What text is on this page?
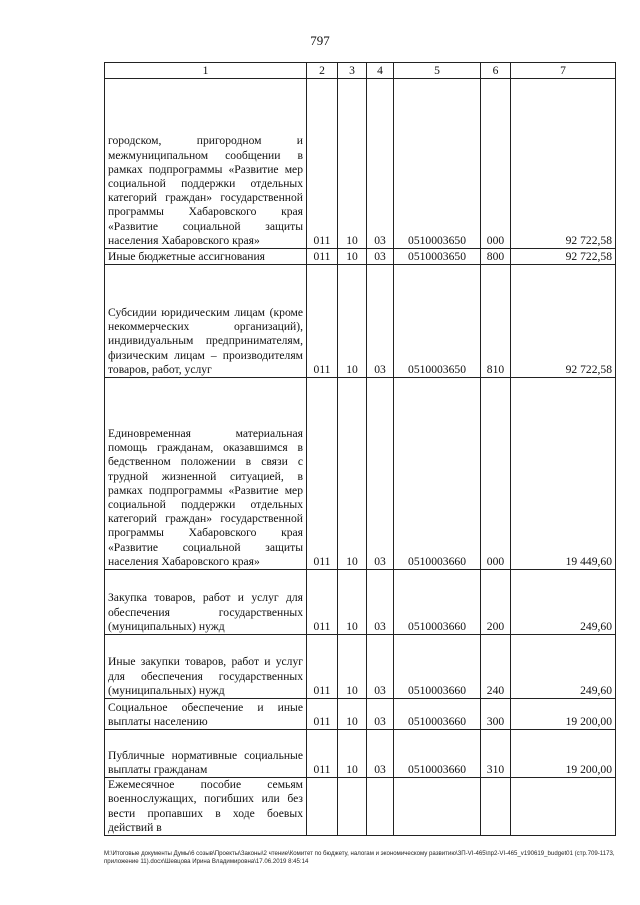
797
1	2	3	4	5	6	7
городском, пригородном и межмуниципальном сообщении в рамках подпрограммы «Развитие мер социальной поддержки отдельных категорий граждан» государственной программы Хабаровского края «Развитие социальной защиты населения Хабаровского края»	011	10	03	0510003650	000	92 722,58
Иные бюджетные ассигнования	011	10	03	0510003650	800	92 722,58
Субсидии юридическим лицам (кроме некоммерческих организаций), индивидуальным предпринимателям, физическим лицам – производителям товаров, работ, услуг	011	10	03	0510003650	810	92 722,58
Единовременная материальная помощь гражданам, оказавшимся в бедственном положении в связи с трудной жизненной ситуацией, в рамках подпрограммы «Развитие мер социальной поддержки отдельных категорий граждан» государственной программы Хабаровского края «Развитие социальной защиты населения Хабаровского края»	011	10	03	0510003660	000	19 449,60
Закупка товаров, работ и услуг для обеспечения государственных (муниципальных) нужд	011	10	03	0510003660	200	249,60
Иные закупки товаров, работ и услуг для обеспечения государственных (муниципальных) нужд	011	10	03	0510003660	240	249,60
Социальное обеспечение и иные выплаты населению	011	10	03	0510003660	300	19 200,00
Публичные нормативные социальные выплаты гражданам	011	10	03	0510003660	310	19 200,00
Ежемесячное пособие семьям военнослужащих, погибших или без вести пропавших в ходе боевых действий в						
M:\Итоговые документы Думы\6 созыв\Проекты\Законы\2 чтение\Комитет по бюджету, налогам и экономическому развитию\ЗП-VI-465\пр2-VI-465_v190619_budget01 (стр.709-1173, приложение 11).docx\Шевцова Ирина Владимировна\17.06.2019 8:45:14
